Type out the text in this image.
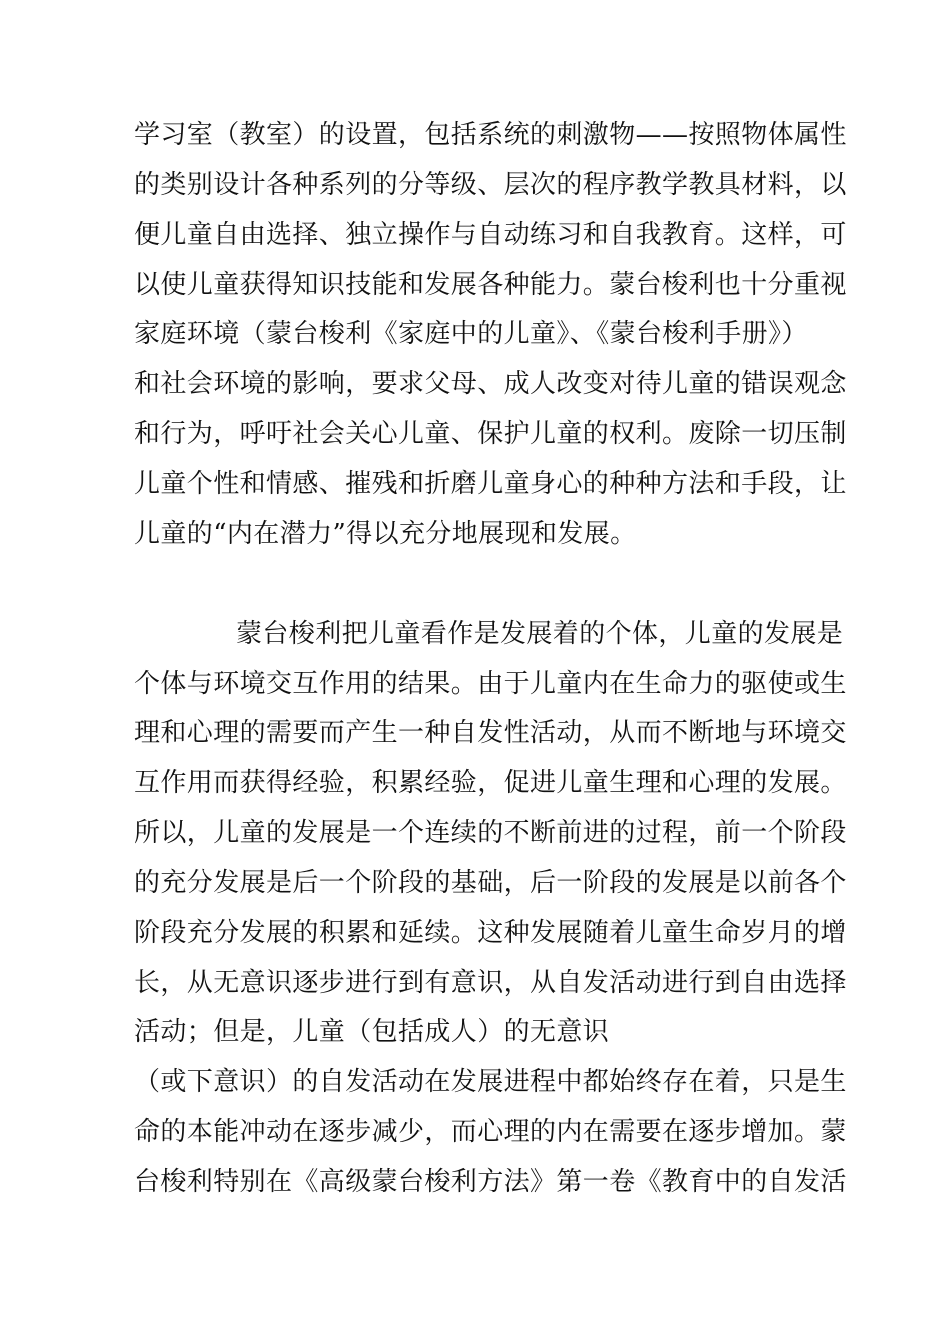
学习室（教室）的设置，包括系统的刺激物——按照物体属性
的类别设计各种系列的分等级、层次的程序教学教具材料，以
便儿童自由选择、独立操作与自动练习和自我教育。这样，可
以使儿童获得知识技能和发展各种能力。蒙台梭利也十分重视
家庭环境（蒙台梭利《家庭中的儿童》、《蒙台梭利手册》）
和社会环境的影响，要求父母、成人改变对待儿童的错误观念
和行为，呼吁社会关心儿童、保护儿童的权利。废除一切压制
儿童个性和情感、摧残和折磨儿童身心的种种方法和手段，让
儿童的“内在潜力”得以充分地展现和发展。
蒙台梭利把儿童看作是发展着的个体，儿童的发展是
个体与环境交互作用的结果。由于儿童内在生命力的驱使或生
理和心理的需要而产生一种自发性活动，从而不断地与环境交
互作用而获得经验，积累经验，促进儿童生理和心理的发展。
所以，儿童的发展是一个连续的不断前进的过程，前一个阶段
的充分发展是后一个阶段的基础，后一阶段的发展是以前各个
阶段充分发展的积累和延续。这种发展随着儿童生命岁月的增
长，从无意识逐步进行到有意识，从自发活动进行到自由选择
活动；但是，儿童（包括成人）的无意识
（或下意识）的自发活动在发展进程中都始终存在着，只是生
命的本能冲动在逐步减少，而心理的内在需要在逐步增加。蒙
台梭利特别在《高级蒙台梭利方法》第一卷《教育中的自发活
